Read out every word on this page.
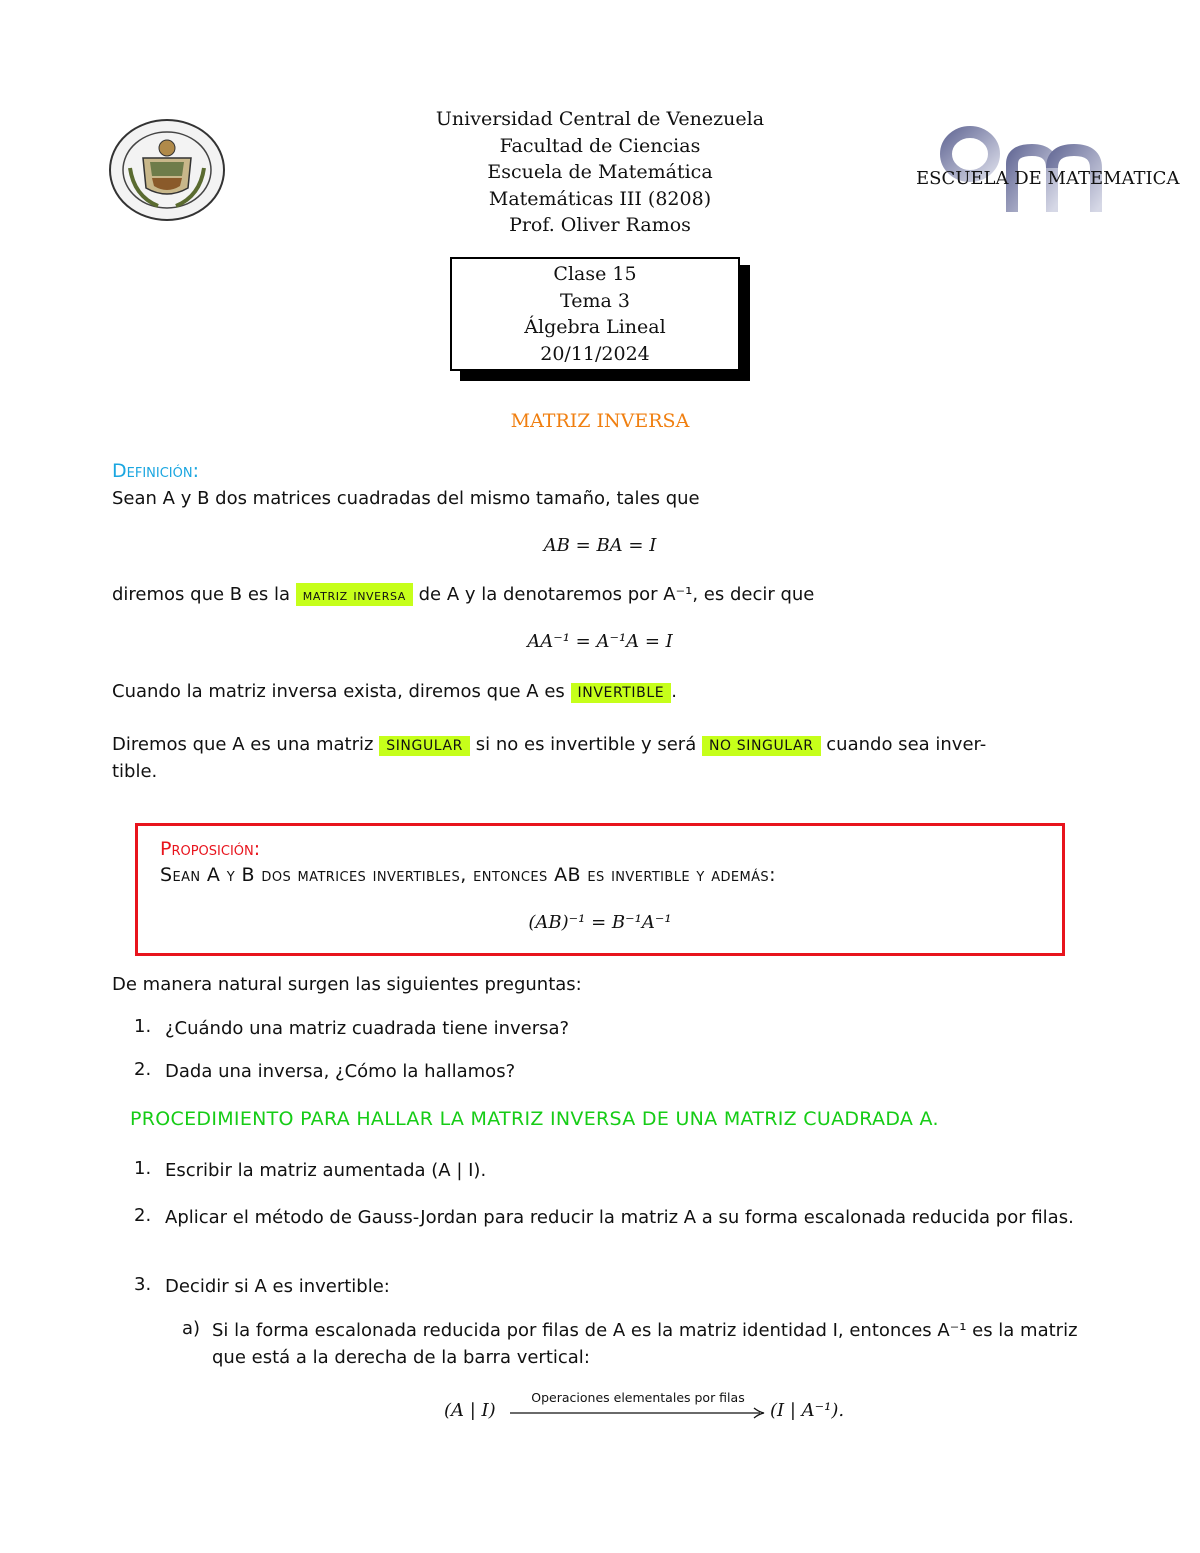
ESCUELA DE MATEMATICA
Universidad Central de Venezuela
Facultad de Ciencias
Escuela de Matemática
Matemáticas III (8208)
Prof. Oliver Ramos
Clase 15
Tema 3
Álgebra Lineal
20/11/2024
MATRIZ INVERSA
Definición:
Sean A y B dos matrices cuadradas del mismo tamaño, tales que
AB = BA = I
diremos que B es la matriz inversa de A y la denotaremos por A⁻¹, es decir que
AA⁻¹ = A⁻¹A = I
Cuando la matriz inversa exista, diremos que A es INVERTIBLE .
Diremos que A es una matriz SINGULAR si no es invertible y será NO SINGULAR cuando sea inver-
tible.
Proposición:
Sean A y B dos matrices invertibles, entonces AB es invertible y además:
(AB)⁻¹ = B⁻¹A⁻¹
De manera natural surgen las siguientes preguntas:
1. ¿Cuándo una matriz cuadrada tiene inversa?
2. Dada una inversa, ¿Cómo la hallamos?
PROCEDIMIENTO PARA HALLAR LA MATRIZ INVERSA DE UNA MATRIZ CUADRADA A.
1. Escribir la matriz aumentada (A | I).
2. Aplicar el método de Gauss-Jordan para reducir la matriz A a su forma escalonada reducida por filas.
3. Decidir si A es invertible:
a) Si la forma escalonada reducida por filas de A es la matriz identidad I, entonces A⁻¹ es la matriz que está a la derecha de la barra vertical:
(A | I)
Operaciones elementales por filas
(I | A⁻¹).
